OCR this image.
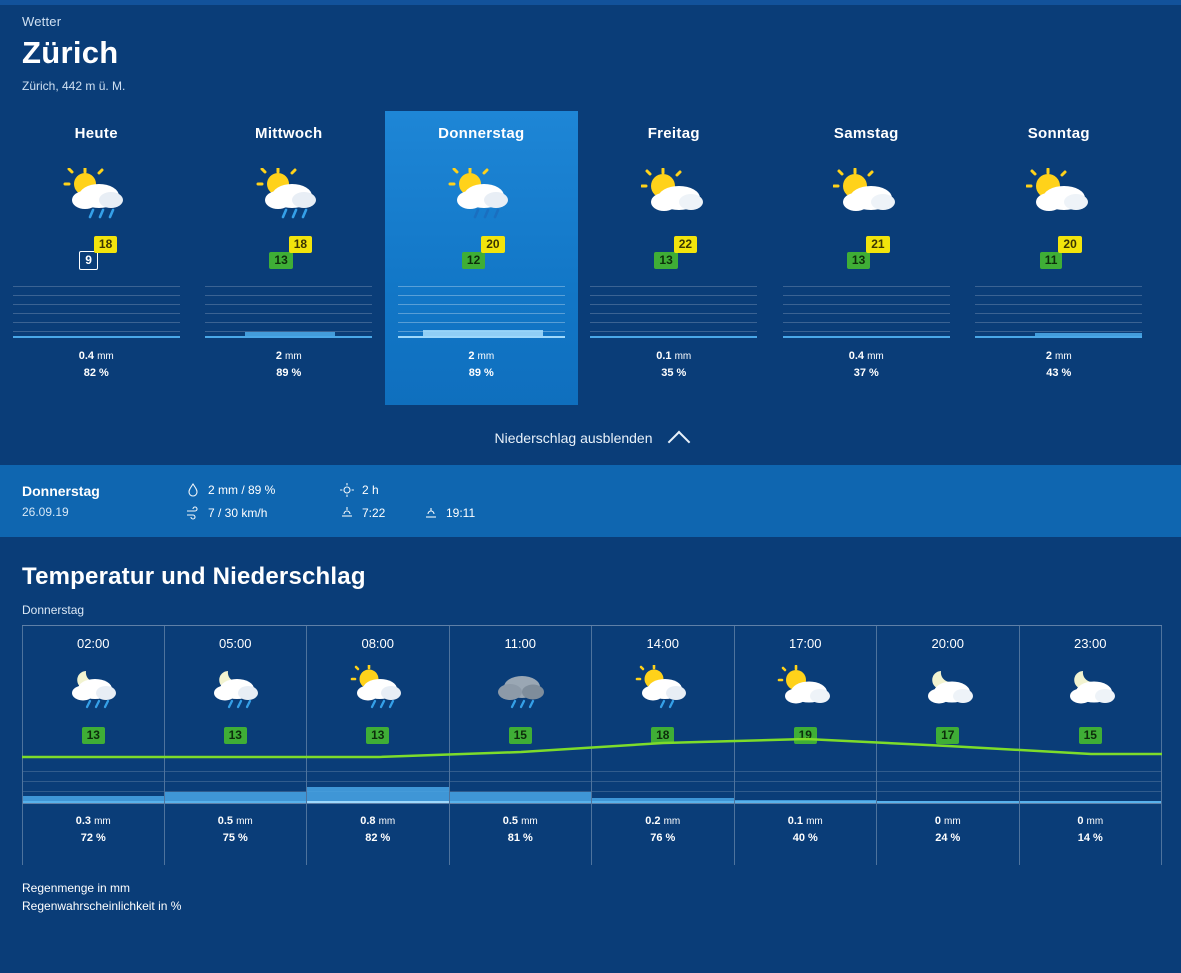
Wetter
Zürich
Zürich, 442 m ü. M.
Heute
9
18
0.4 mm
82 %
Mittwoch
13
18
2 mm
89 %
Donnerstag
12
20
2 mm
89 %
Freitag
13
22
0.1 mm
35 %
Samstag
13
21
0.4 mm
37 %
Sonntag
11
20
2 mm
43 %
Niederschlag ausblenden
Donnerstag
26.09.19
2 mm / 89 %
7 / 30 km/h
2 h
7:22	19:11
Temperatur und Niederschlag
Donnerstag
02:00
13
0.3 mm
72 %
05:00
13
0.5 mm
75 %
08:00
13
0.8 mm
82 %
11:00
15
0.5 mm
81 %
14:00
18
0.2 mm
76 %
17:00
19
0.1 mm
40 %
20:00
17
0 mm
24 %
23:00
15
0 mm
14 %
Regenmenge in mm
Regenwahrscheinlichkeit in %
